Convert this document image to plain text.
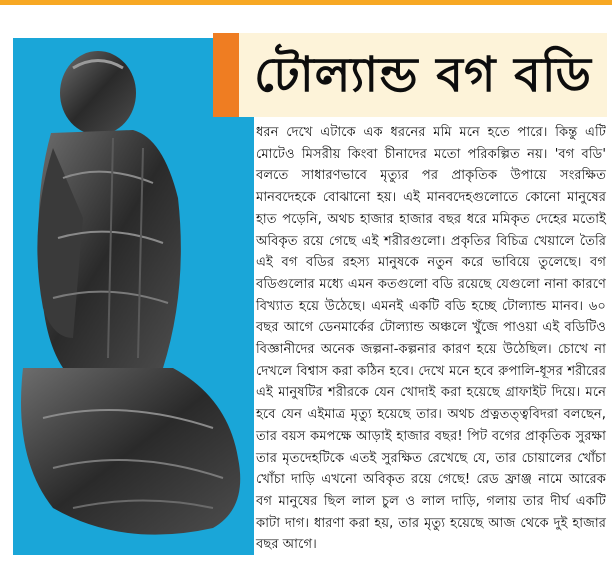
টোল্যান্ড বগ বডি

ধরন দেখে এটাকে এক ধরনের মমি মনে হতে পারে। কিন্তু এটি মোটেও মিসরীয় কিংবা চীনাদের মতো পরিকল্পিত নয়। 'বগ বডি' বলতে সাধারণভাবে মৃত্যুর পর প্রাকৃতিক উপায়ে সংরক্ষিত মানবদেহকে বোঝানো হয়। এই মানবদেহগুলোতে কোনো মানুষের হাত পড়েনি, অথচ হাজার হাজার বছর ধরে মমিকৃত দেহের মতোই অবিকৃত রয়ে গেছে এই শরীরগুলো। প্রকৃতির বিচিত্র খেয়ালে তৈরি এই বগ বডির রহস্য মানুষকে নতুন করে ভাবিয়ে তুলেছে। বগ বডিগুলোর মধ্যে এমন কতগুলো বডি রয়েছে যেগুলো নানা কারণে বিখ্যাত হয়ে উঠেছে। এমনই একটি বডি হচ্ছে টোল্যান্ড মানব। ৬০ বছর আগে ডেনমার্কের টোল্যান্ড অঞ্চলে খুঁজে পাওয়া এই বডিটিও বিজ্ঞানীদের অনেক জল্পনা-কল্পনার কারণ হয়ে উঠেছিল। চোখে না দেখলে বিশ্বাস করা কঠিন হবে। দেখে মনে হবে রুপালি-ধূসর শরীরের এই মানুষটির শরীরকে যেন খোদাই করা হয়েছে গ্রাফাইট দিয়ে। মনে হবে যেন এইমাত্র মৃত্যু হয়েছে তার। অথচ প্রত্নতত্ত্ববিদরা বলছেন, তার বয়স কমপক্ষে আড়াই হাজার বছর! পিট বগের প্রাকৃতিক সুরক্ষা তার মৃতদেহটিকে এতই সুরক্ষিত রেখেছে যে, তার চোয়ালের খোঁচা খোঁচা দাড়ি এখনো অবিকৃত রয়ে গেছে! রেড ফ্রাঞ্জ নামে আরেক বগ মানুষের ছিল লাল চুল ও লাল দাড়ি, গলায় তার দীর্ঘ একটি কাটা দাগ। ধারণা করা হয়, তার মৃত্যু হয়েছে আজ থেকে দুই হাজার বছর আগে।
